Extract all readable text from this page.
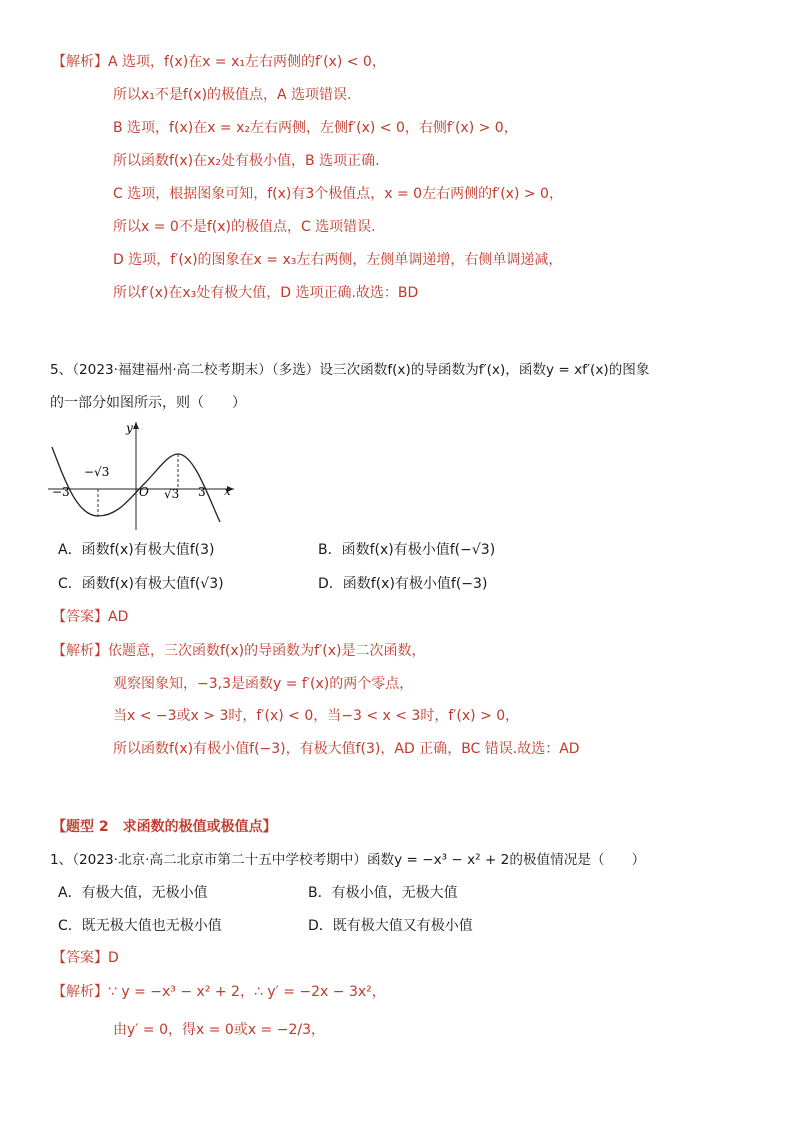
【解析】A 选项，f(x)在x = x₁左右两侧的f′(x) < 0，
所以x₁不是f(x)的极值点，A 选项错误.
B 选项，f(x)在x = x₂左右两侧，左侧f′(x) < 0，右侧f′(x) > 0，
所以函数f(x)在x₂处有极小值，B 选项正确.
C 选项，根据图象可知，f(x)有3个极值点，x = 0左右两侧的f′(x) > 0，
所以x = 0不是f(x)的极值点，C 选项错误.
D 选项，f′(x)的图象在x = x₃左右两侧，左侧单调递增，右侧单调递减，
所以f′(x)在x₃处有极大值，D 选项正确.故选：BD
5、（2023·福建福州·高二校考期末）（多选）设三次函数f(x)的导函数为f′(x)，函数y = xf′(x)的图象
的一部分如图所示，则（　　）
y
x
O
−3
−√3
√3 3
A．函数f(x)有极大值f(3)	B．函数f(x)有极小值f(−√3)
C．函数f(x)有极大值f(√3)	D．函数f(x)有极小值f(−3)
【答案】AD
【解析】依题意，三次函数f(x)的导函数为f′(x)是二次函数，
观察图象知，−3,3是函数y = f′(x)的两个零点，
当x < −3或x > 3时，f′(x) < 0，当−3 < x < 3时，f′(x) > 0，
所以函数f(x)有极小值f(−3)，有极大值f(3)，AD 正确，BC 错误.故选：AD
【题型 2　求函数的极值或极值点】
1、（2023·北京·高二北京市第二十五中学校考期中）函数y = −x³ − x² + 2的极值情况是（　　）
A．有极大值，无极小值	B．有极小值，无极大值
C．既无极大值也无极小值	D．既有极大值又有极小值
【答案】D
【解析】∵ y = −x³ − x² + 2，∴ y′ = −2x − 3x²，
由y′ = 0，得x = 0或x = −2/3，
